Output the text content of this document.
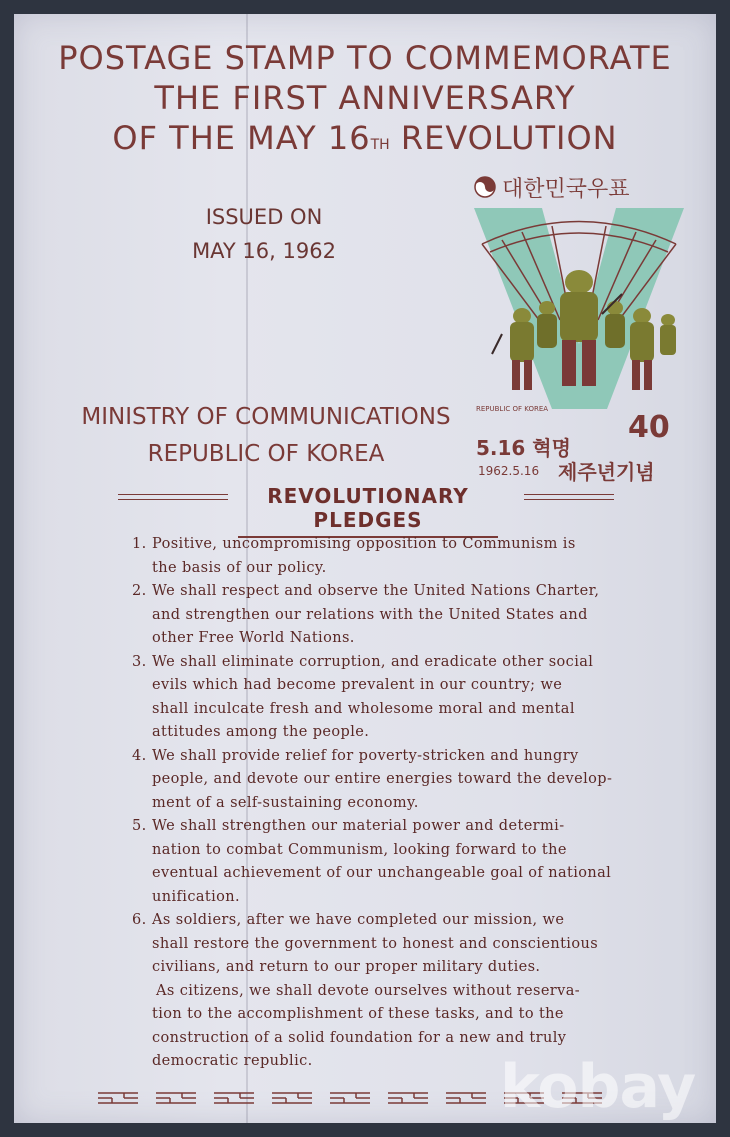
POSTAGE STAMP TO COMMEMORATE
THE FIRST ANNIVERSARY
OF THE MAY 16TH REVOLUTION
ISSUED ON
MAY 16, 1962
MINISTRY OF COMMUNICATIONS
REPUBLIC OF KOREA
대한민국우표
REPUBLIC OF KOREA
40
5.16 혁명
1962.5.16 제주년기념
REVOLUTIONARY PLEDGES
1. Positive, uncompromising opposition to Communism is
the basis of our policy.
2. We shall respect and observe the United Nations Charter,
and strengthen our relations with the United States and
other Free World Nations.
3. We shall eliminate corruption, and eradicate other social
evils which had become prevalent in our country; we
shall inculcate fresh and wholesome moral and mental
attitudes among the people.
4. We shall provide relief for poverty-stricken and hungry
people, and devote our entire energies toward the develop-
ment of a self-sustaining economy.
5. We shall strengthen our material power and determi-
nation to combat Communism, looking forward to the
eventual achievement of our unchangeable goal of national
unification.
6. As soldiers, after we have completed our mission, we
shall restore the government to honest and conscientious
civilians, and return to our proper military duties.
As citizens, we shall devote ourselves without reserva-
tion to the accomplishment of these tasks, and to the
construction of a solid foundation for a new and truly
democratic republic.	kobay
